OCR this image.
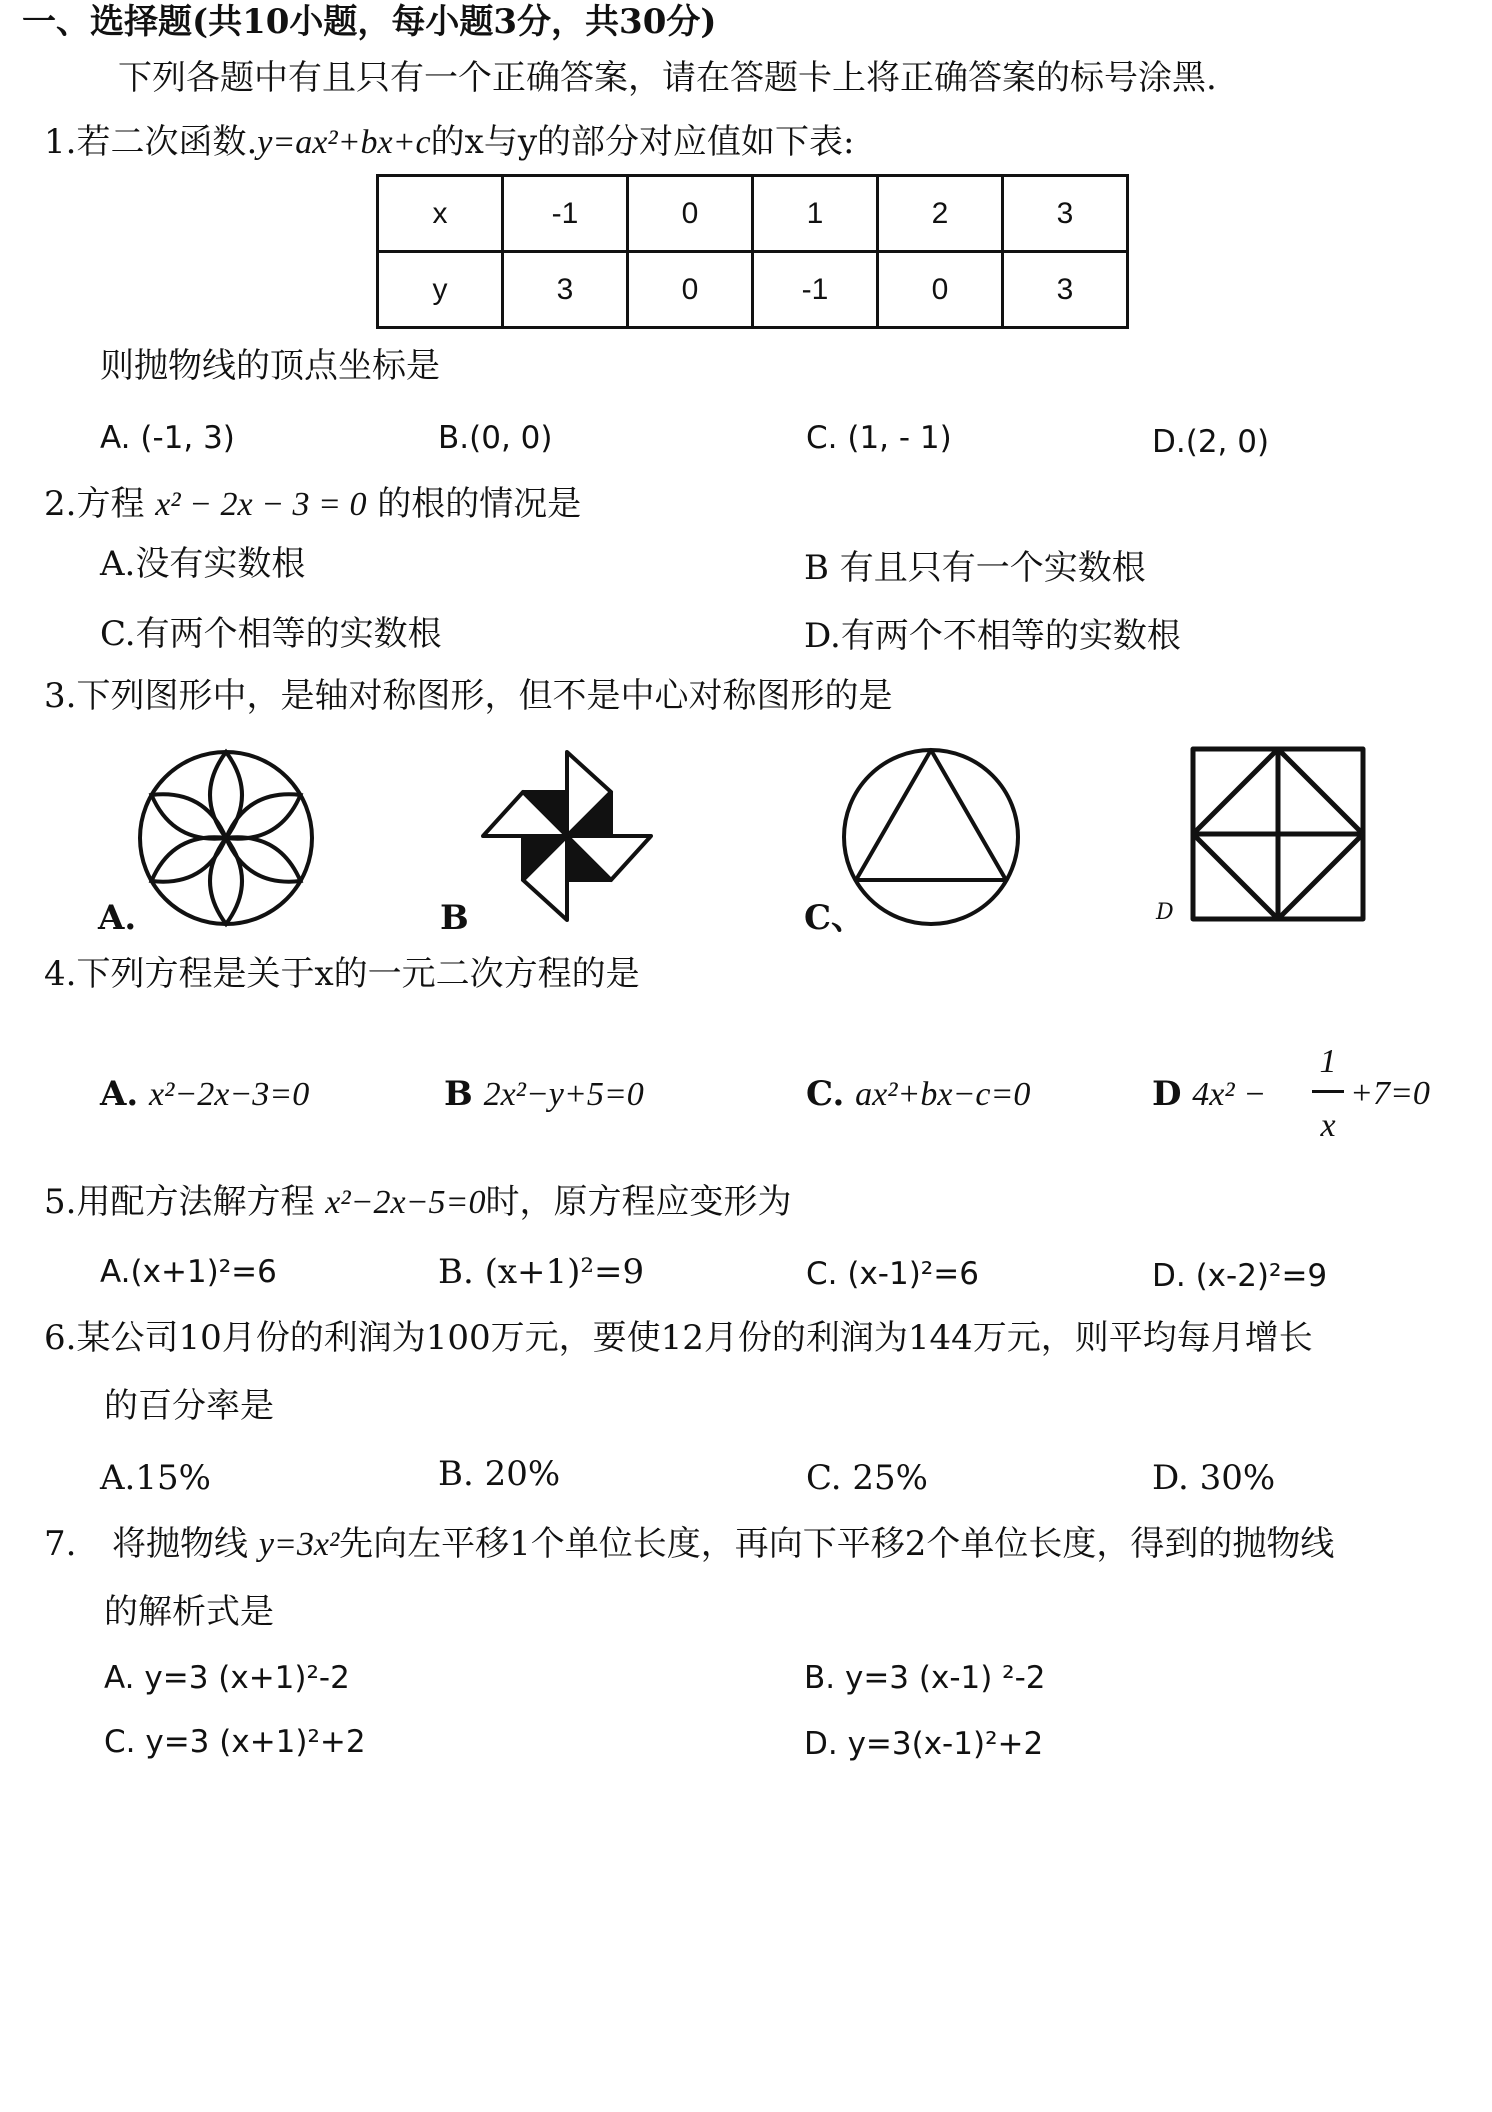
一、选择题(共10小题，每小题3分，共30分)
下列各题中有且只有一个正确答案，请在答题卡上将正确答案的标号涂黑.
1.若二次函数.y=ax²+bx+c的x与y的部分对应值如下表:
x	-1	0	1	2	3
y	3	0	-1	0	3
则抛物线的顶点坐标是
A. (-1, 3)	B.(0, 0)	C. (1, - 1)	D.(2, 0)
2.方程 x² − 2x − 3 = 0 的根的情况是
A.没有实数根	B 有且只有一个实数根
C.有两个相等的实数根	D.有两个不相等的实数根
3.下列图形中，是轴对称图形，但不是中心对称图形的是
A.	B	C、	D
4.下列方程是关于x的一元二次方程的是
A. x²−2x−3=0	B 2x²−y+5=0	C. ax²+bx−c=0	D 4x² −
1
x
+7=0
5.用配方法解方程 x²−2x−5=0时，原方程应变形为
A.(x+1)²=6	B. (x+1)²=9	C. (x-1)²=6	D. (x-2)²=9
6.某公司10月份的利润为100万元，要使12月份的利润为144万元，则平均每月增长
的百分率是
A.15%	B. 20%	C. 25%	D. 30%
7. 将抛物线 y=3x²先向左平移1个单位长度，再向下平移2个单位长度，得到的抛物线
的解析式是
A. y=3 (x+1)²-2	B. y=3 (x-1) ²-2
C. y=3 (x+1)²+2	D. y=3(x-1)²+2
